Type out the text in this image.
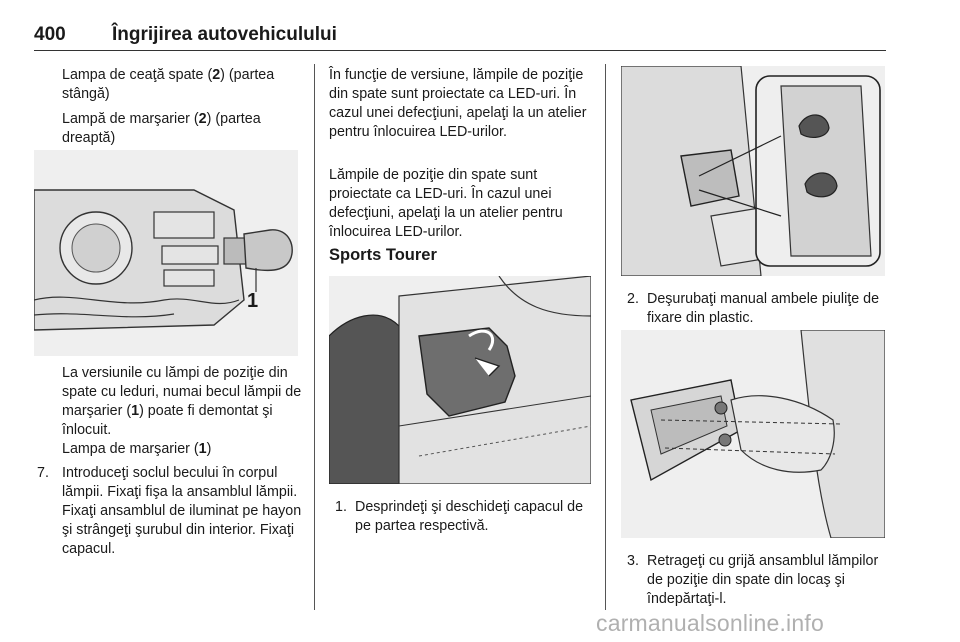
400 Îngrijirea autovehiculului
Lampa de ceaţă spate (2) (partea stângă)
Lampă de marşarier (2) (partea dreaptă)
1
La versiunile cu lămpi de poziţie din spate cu leduri, numai becul lămpii de marşarier (1) poate fi demontat şi înlocuit.
Lampa de marşarier (1)
7. Introduceţi soclul becului în corpul lămpii. Fixaţi fişa la ansamblul lămpii. Fixaţi ansamblul de iluminat pe hayon şi strângeţi şurubul din interior. Fixaţi capacul.
În funcţie de versiune, lămpile de poziţie din spate sunt proiectate ca LED-uri. În cazul unei defecţiuni, apelaţi la un atelier pentru înlocuirea LED-urilor.
Lămpile de poziţie din spate sunt proiectate ca LED-uri. În cazul unei defecţiuni, apelaţi la un atelier pentru înlocuirea LED-urilor.
Sports Tourer
1. Desprindeţi şi deschideţi capacul de pe partea respectivă.
2. Deşurubaţi manual ambele piuliţe de fixare din plastic.
3. Retrageţi cu grijă ansamblul lămpilor de poziţie din spate din locaş şi îndepărtaţi-l.
carmanualsonline.info
